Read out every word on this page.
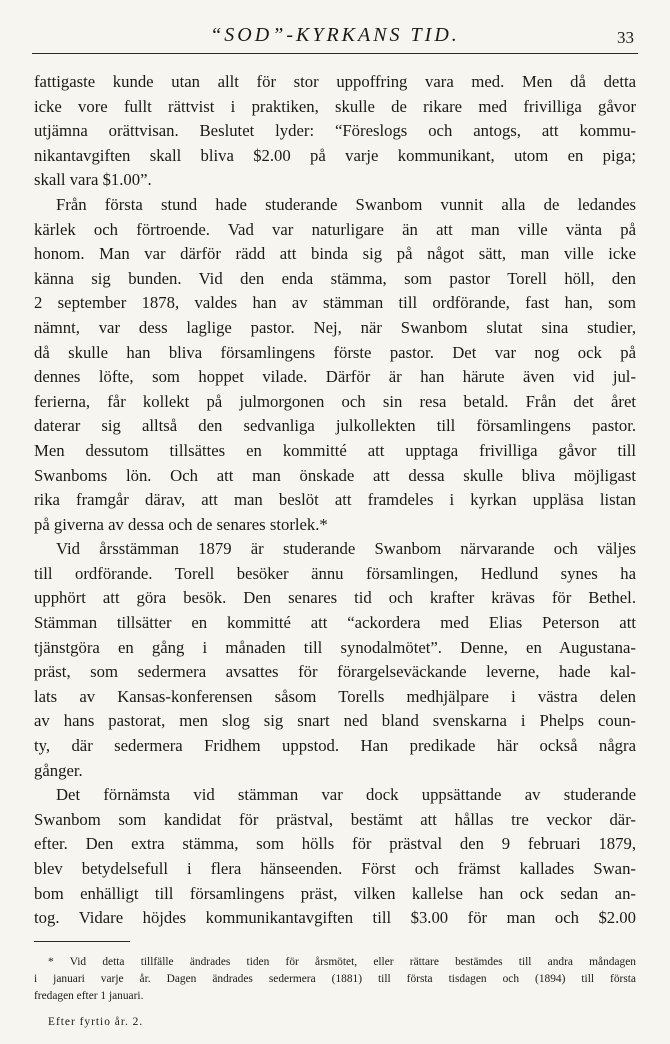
“SOD”-KYRKANS TID.	33
fattigaste kunde utan allt för stor uppoffring vara med. Men då detta
icke vore fullt rättvist i praktiken, skulle de rikare med frivilliga gåvor
utjämna orättvisan. Beslutet lyder: “Föreslogs och antogs, att kommu-
nikantavgiften skall bliva $2.00 på varje kommunikant, utom en piga;
skall vara $1.00”.
Från första stund hade studerande Swanbom vunnit alla de ledandes
kärlek och förtroende. Vad var naturligare än att man ville vänta på
honom. Man var därför rädd att binda sig på något sätt, man ville icke
känna sig bunden. Vid den enda stämma, som pastor Torell höll, den
2 september 1878, valdes han av stämman till ordförande, fast han, som
nämnt, var dess laglige pastor. Nej, när Swanbom slutat sina studier,
då skulle han bliva församlingens förste pastor. Det var nog ock på
dennes löfte, som hoppet vilade. Därför är han härute även vid jul-
ferierna, får kollekt på julmorgonen och sin resa betald. Från det året
daterar sig alltså den sedvanliga julkollekten till församlingens pastor.
Men dessutom tillsättes en kommitté att upptaga frivilliga gåvor till
Swanboms lön. Och att man önskade att dessa skulle bliva möjligast
rika framgår därav, att man beslöt att framdeles i kyrkan uppläsa listan
på giverna av dessa och de senares storlek.*
Vid årsstämman 1879 är studerande Swanbom närvarande och väljes
till ordförande. Torell besöker ännu församlingen, Hedlund synes ha
upphört att göra besök. Den senares tid och krafter krävas för Bethel.
Stämman tillsätter en kommitté att “ackordera med Elias Peterson att
tjänstgöra en gång i månaden till synodalmötet”. Denne, en Augustana-
präst, som sedermera avsattes för förargelseväckande leverne, hade kal-
lats av Kansas-konferensen såsom Torells medhjälpare i västra delen
av hans pastorat, men slog sig snart ned bland svenskarna i Phelps coun-
ty, där sedermera Fridhem uppstod. Han predikade här också några
gånger.
Det förnämsta vid stämman var dock uppsättande av studerande
Swanbom som kandidat för prästval, bestämt att hållas tre veckor där-
efter. Den extra stämma, som hölls för prästval den 9 februari 1879,
blev betydelsefull i flera hänseenden. Först och främst kallades Swan-
bom enhälligt till församlingens präst, vilken kallelse han ock sedan an-
tog. Vidare höjdes kommunikantavgiften till $3.00 för man och $2.00
* Vid detta tillfälle ändrades tiden för årsmötet, eller rättare bestämdes till andra måndagen
i januari varje år. Dagen ändrades sedermera (1881) till första tisdagen och (1894) till första
fredagen efter 1 januari.
Efter fyrtio år. 2.
